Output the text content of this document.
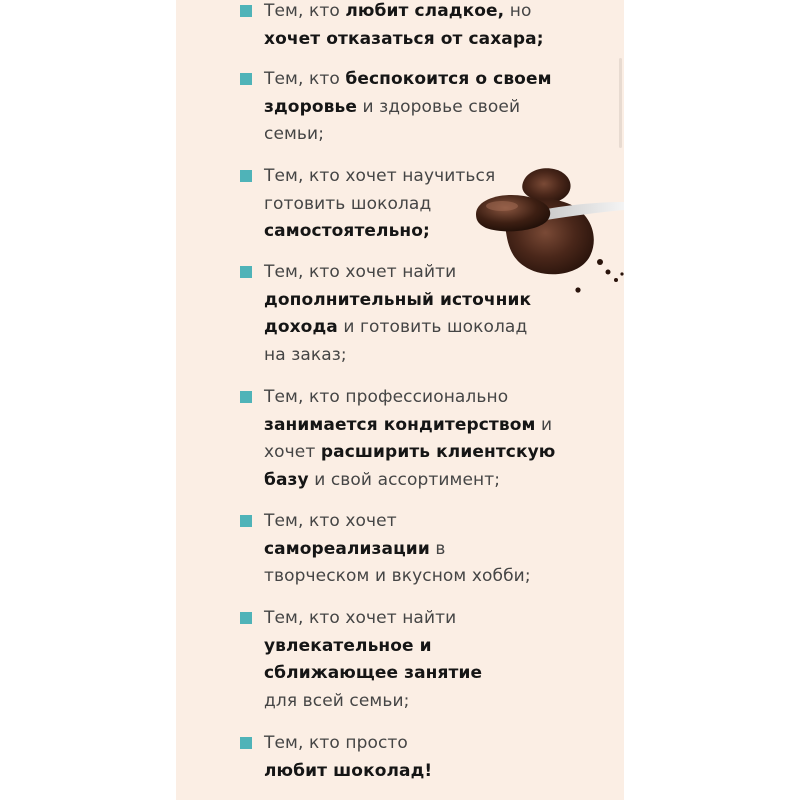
Тем, кто любит сладкое, но
хочет отказаться от сахара;

Тем, кто беспокоится о своем
здоровье и здоровье своей
семьи;

Тем, кто хочет научиться
готовить шоколад
самостоятельно;

Тем, кто хочет найти
дополнительный источник
дохода и готовить шоколад
на заказ;

Тем, кто профессионально
занимается кондитерством и
хочет расширить клиентскую
базу и свой ассортимент;

Тем, кто хочет
самореализации в
творческом и вкусном хобби;

Тем, кто хочет найти
увлекательное и
сближающее занятие
для всей семьи;

Тем, кто просто
любит шоколад!
